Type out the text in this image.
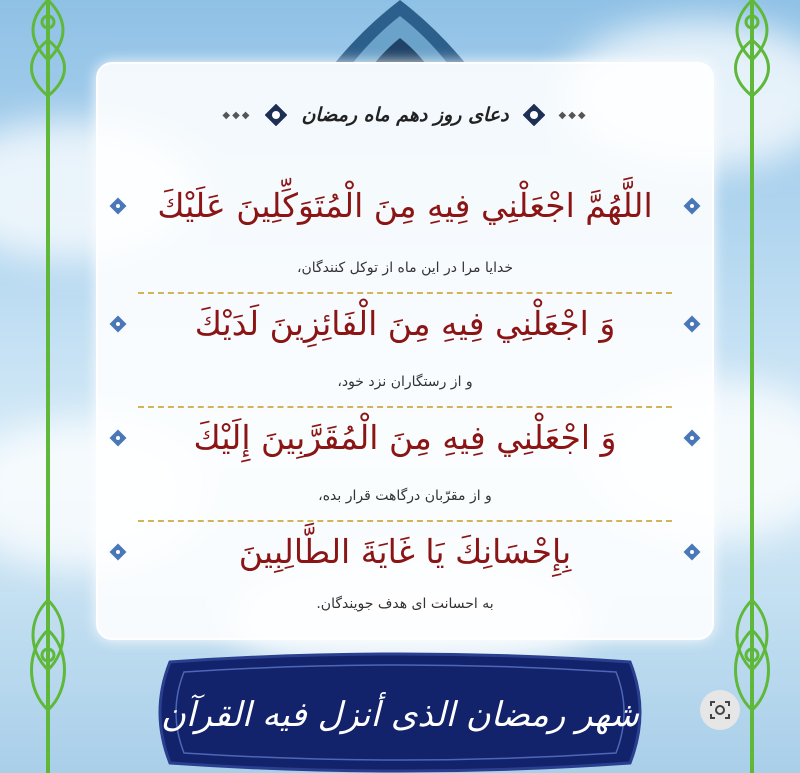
◆◆◆	دعای روز دهم ماه رمضان	◆◆◆
اللَّهُمَّ اجْعَلْنِي فِيهِ مِنَ الْمُتَوَكِّلِينَ عَلَيْكَ
خدایا مرا در این ماه از توکل کنندگان،
وَ اجْعَلْنِي فِيهِ مِنَ الْفَائِزِينَ لَدَيْكَ
و از رستگاران نزد خود،
وَ اجْعَلْنِي فِيهِ مِنَ الْمُقَرَّبِينَ إِلَيْكَ
و از مقرّبان درگاهت قرار بده،
بِإِحْسَانِكَ يَا غَايَةَ الطَّالِبِينَ
به احسانت ای هدف جویندگان.
شهر رمضان الذی أنزل فیه القرآن
